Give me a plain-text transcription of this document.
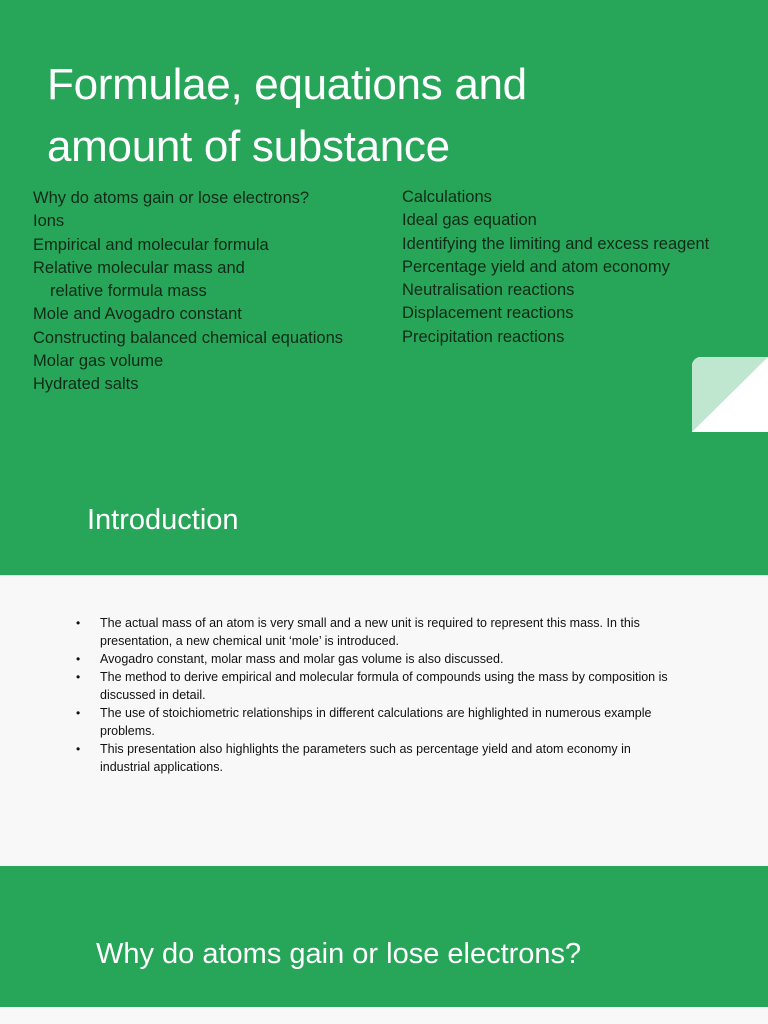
Formulae, equations and
amount of substance
Why do atoms gain or lose electrons?
Ions
Empirical and molecular formula
Relative molecular mass and
relative formula mass
Mole and Avogadro constant
Constructing balanced chemical equations
Molar gas volume
Hydrated salts
Calculations
Ideal gas equation
Identifying the limiting and excess reagent
Percentage yield and atom economy
Neutralisation reactions
Displacement reactions
Precipitation reactions
Introduction
• The actual mass of an atom is very small and a new unit is required to represent this mass. In this presentation, a new chemical unit ‘mole’ is introduced.
• Avogadro constant, molar mass and molar gas volume is also discussed.
• The method to derive empirical and molecular formula of compounds using the mass by composition is discussed in detail.
• The use of stoichiometric relationships in different calculations are highlighted in numerous example problems.
• This presentation also highlights the parameters such as percentage yield and atom economy in industrial applications.
Why do atoms gain or lose electrons?
